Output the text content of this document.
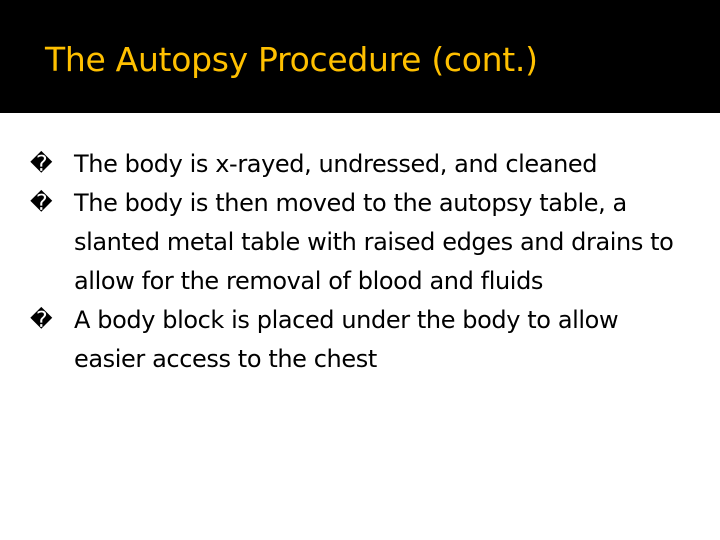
The Autopsy Procedure (cont.)
� The body is x-rayed, undressed, and cleaned
� The body is then moved to the autopsy table, a slanted metal table with raised edges and drains to allow for the removal of blood and fluids
� A body block is placed under the body to allow easier access to the chest
